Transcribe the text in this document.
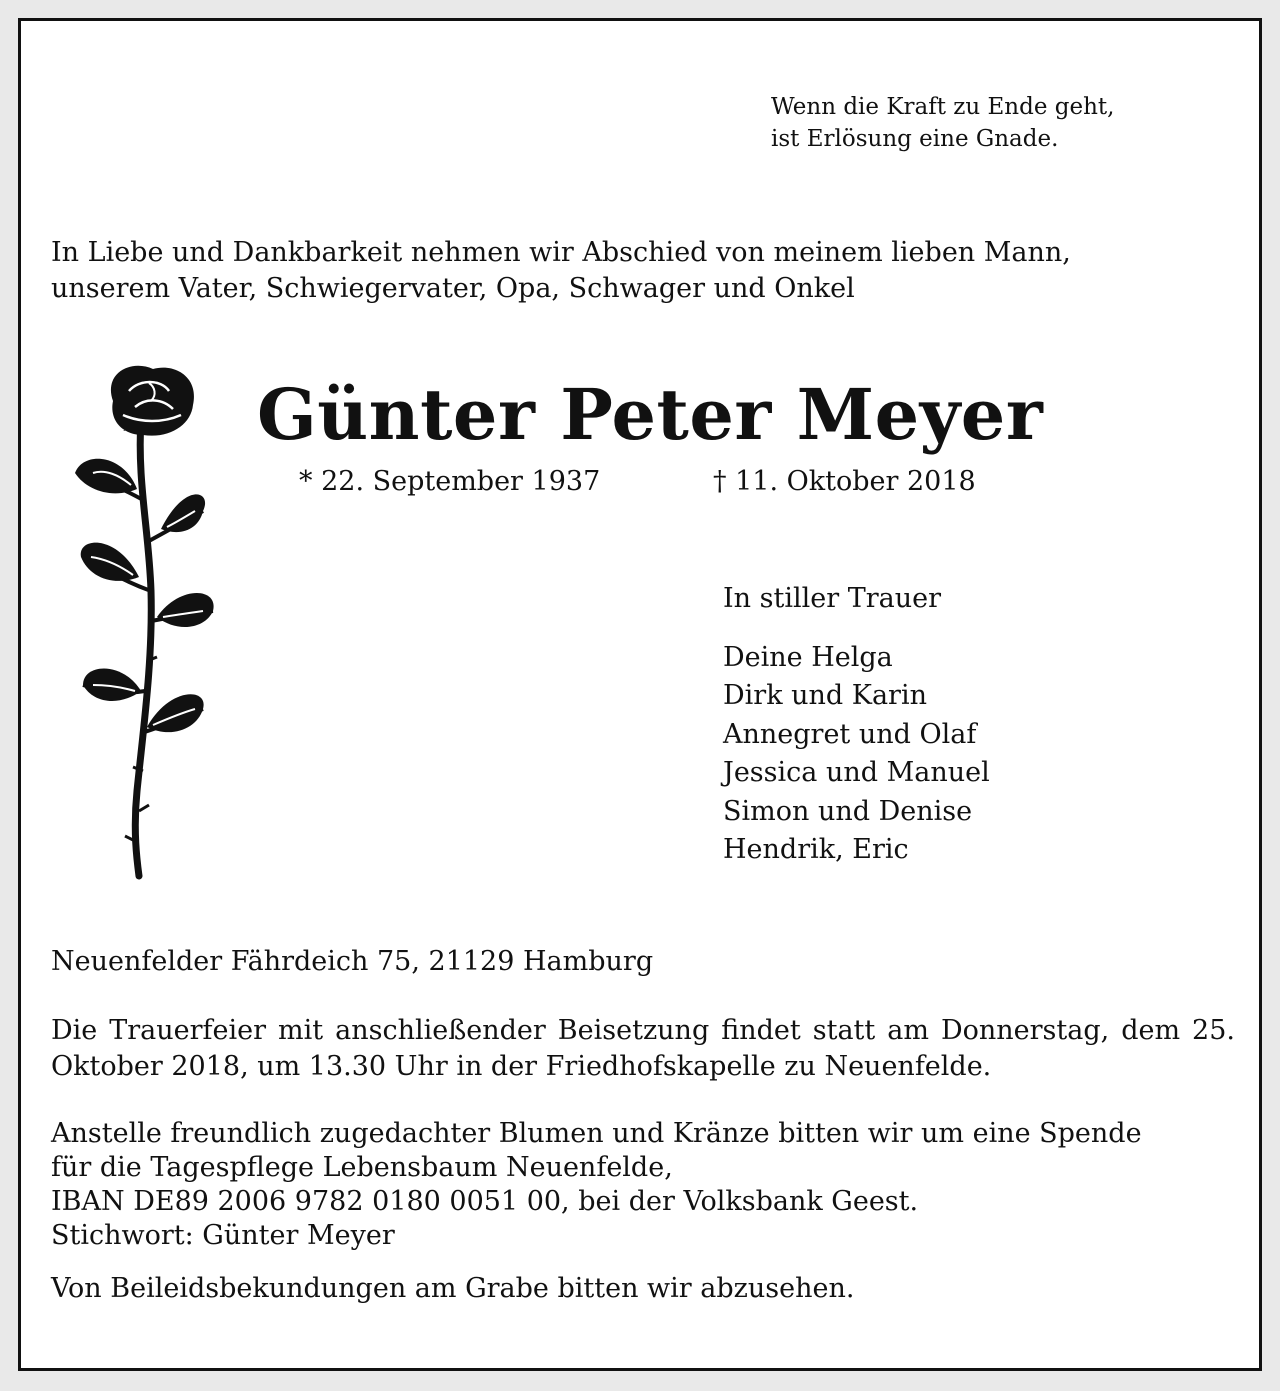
Wenn die Kraft zu Ende geht,
ist Erlösung eine Gnade.

In Liebe und Dankbarkeit nehmen wir Abschied von meinem lieben Mann,
unserem Vater, Schwiegervater, Opa, Schwager und Onkel

Günter Peter Meyer

* 22. September 1937	† 11. Oktober 2018

In stiller Trauer

Deine Helga
Dirk und Karin
Annegret und Olaf
Jessica und Manuel
Simon und Denise
Hendrik, Eric

Neuenfelder Fährdeich 75, 21129 Hamburg

Die Trauerfeier mit anschließender Beisetzung findet statt am Donnerstag, dem 25. Oktober 2018, um 13.30 Uhr in der Friedhofskapelle zu Neuenfelde.

Anstelle freundlich zugedachter Blumen und Kränze bitten wir um eine Spende
für die Tagespflege Lebensbaum Neuenfelde,
IBAN DE89 2006 9782 0180 0051 00, bei der Volksbank Geest.
Stichwort: Günter Meyer

Von Beileidsbekundungen am Grabe bitten wir abzusehen.
